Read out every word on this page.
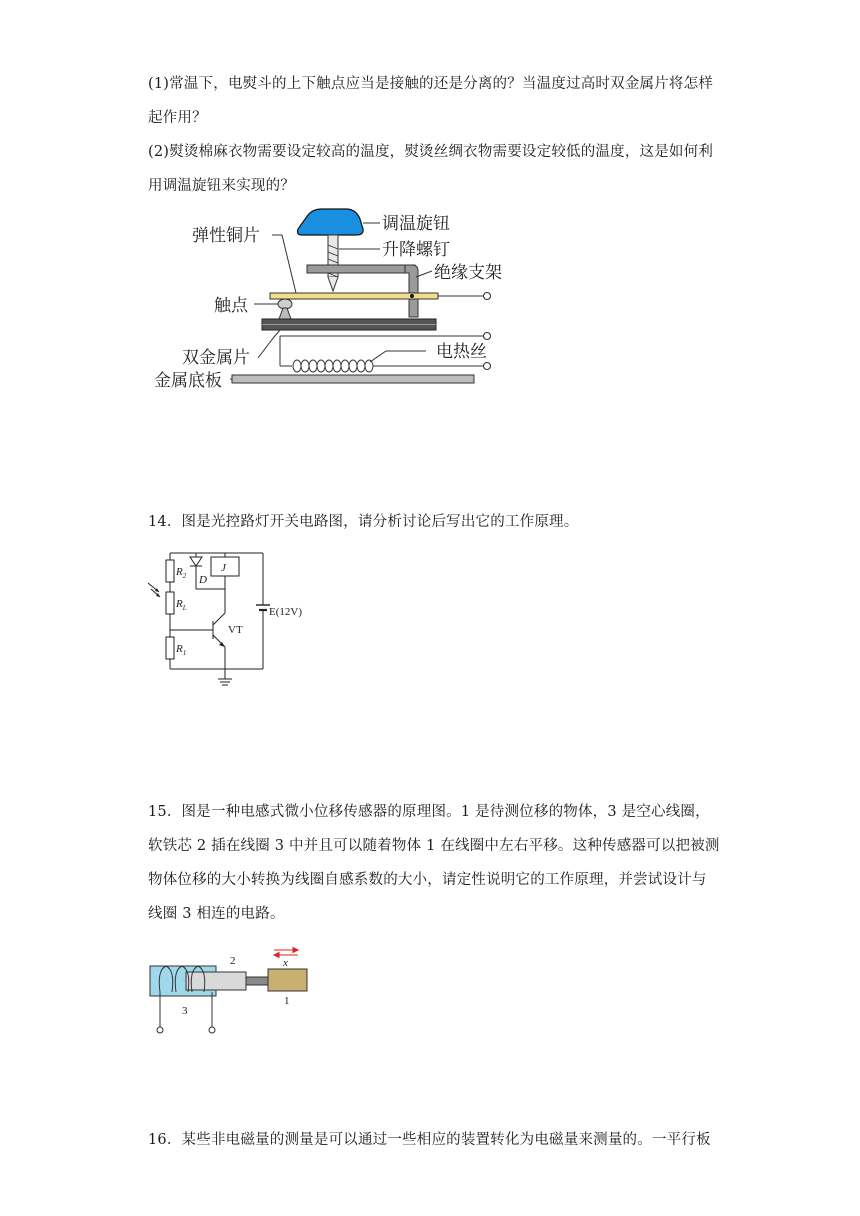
(1)常温下，电熨斗的上下触点应当是接触的还是分离的？当温度过高时双金属片将怎样
起作用？
(2)熨烫棉麻衣物需要设定较高的温度，熨烫丝绸衣物需要设定较低的温度，这是如何利
用调温旋钮来实现的？
调温旋钮
升降螺钉
弹性铜片
绝缘支架
触点
电热丝
双金属片
金属底板
14．图是光控路灯开关电路图，请分析讨论后写出它的工作原理。
$R_2$
$R_L$
$R_1$
D
J
VT
E(12V)
15．图是一种电感式微小位移传感器的原理图。1 是待测位移的物体，3 是空心线圈，
软铁芯 2 插在线圈 3 中并且可以随着物体 1 在线圈中左右平移。这种传感器可以把被测
物体位移的大小转换为线圈自感系数的大小，请定性说明它的工作原理，并尝试设计与
线圈 3 相连的电路。
x
2
1
3
16．某些非电磁量的测量是可以通过一些相应的装置转化为电磁量来测量的。一平行板
